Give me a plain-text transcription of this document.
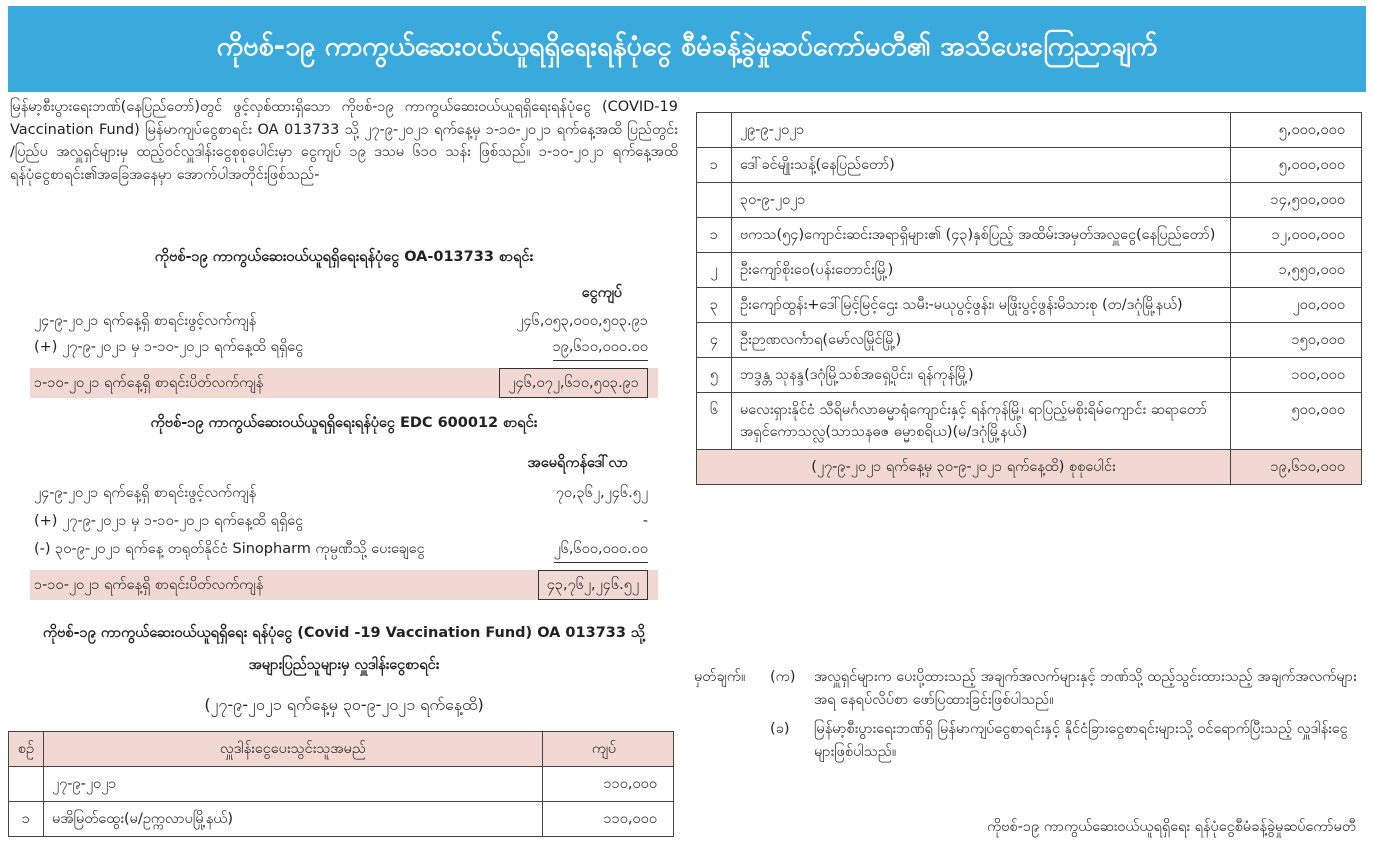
ကိုဗစ်-၁၉ ကာကွယ်ဆေးဝယ်ယူရရှိရေးရန်ပုံငွေ စီမံခန့်ခွဲမှုဆပ်ကော်မတီ၏ အသိပေးကြေညာချက်
မြန်မာ့စီးပွားရေးဘဏ်(နေပြည်တော်)တွင် ဖွင့်လှစ်ထားရှိသော ကိုဗစ်-၁၉ ကာကွယ်ဆေးဝယ်ယူရရှိရေးရန်ပုံငွေ (COVID-19 Vaccination Fund) မြန်မာကျပ်ငွေစာရင်း OA 013733 သို့ ၂၇-၉-၂၀၂၁ ရက်နေ့မှ ၁-၁၀-၂၀၂၁ ရက်နေ့အထိ ပြည်တွင်း /ပြည်ပ အလှူရှင်များမှ ထည့်ဝင်လှူဒါန်းငွေစုစုပေါင်းမှာ ငွေကျပ် ၁၉ ဒသမ ၆၁ဝ သန်း ဖြစ်သည်။ ၁-၁၀-၂၀၂၁ ရက်နေ့အထိ ရန်ပုံငွေစာရင်း၏အခြေအနေမှာ အောက်ပါအတိုင်းဖြစ်သည်-
ကိုဗစ်-၁၉ ကာကွယ်ဆေးဝယ်ယူရရှိရေးရန်ပုံငွေ OA-013733 စာရင်း
ငွေကျပ်
၂၄-၉-၂၀၂၁ ရက်နေ့ရှိ စာရင်းဖွင့်လက်ကျန်	၂၄၆,၀၅၃,၀၀၀,၅၀၃.၉၁
(+) ၂၇-၉-၂၀၂၁ မှ ၁-၁၀-၂၀၂၁ ရက်နေ့ထိ ရရှိငွေ	၁၉,၆၁၀,၀၀၀.၀၀
၁-၁၀-၂၀၂၁ ရက်နေ့ရှိ စာရင်းပိတ်လက်ကျန်	၂၄၆,၀၇၂,၆၁၀,၅၀၃.၉၁
ကိုဗစ်-၁၉ ကာကွယ်ဆေးဝယ်ယူရရှိရေးရန်ပုံငွေ EDC 600012 စာရင်း
အမေရိကန်ဒေါ်လာ
၂၄-၉-၂၀၂၁ ရက်နေ့ရှိ စာရင်းဖွင့်လက်ကျန်	၇၀,၃၆၂,၂၄၆.၅၂
(+) ၂၇-၉-၂၀၂၁ မှ ၁-၁၀-၂၀၂၁ ရက်နေ့ထိ ရရှိငွေ	-
(-) ၃၀-၉-၂၀၂၁ ရက်နေ့ တရုတ်နိုင်ငံ Sinopharm ကုမ္ပဏီသို့ ပေးချေငွေ	၂၆,၆၀၀,၀၀၀.၀၀
၁-၁၀-၂၀၂၁ ရက်နေ့ရှိ စာရင်းပိတ်လက်ကျန်	၄၃,၇၆၂,၂၄၆.၅၂
ကိုဗစ်-၁၉ ကာကွယ်ဆေးဝယ်ယူရရှိရေး ရန်ပုံငွေ (Covid -19 Vaccination Fund) OA 013733 သို့
အများပြည်သူများမှ လှူဒါန်းငွေစာရင်း
(၂၇-၉-၂၀၂၁ ရက်နေ့မှ ၃၀-၉-၂၀၂၁ ရက်နေ့ထိ)
စဉ်	လှူဒါန်းငွေပေးသွင်းသူအမည်	ကျပ်
	၂၇-၉-၂၀၂၁	၁၁၀,၀၀၀
၁	မအိမြတ်ထွေး(မ/ဥက္ကလာပမြို့နယ်)	၁၁၀,၀၀၀
	၂၉-၉-၂၀၂၁	၅,၀၀၀,၀၀၀
၁	ဒေါ်ခင်မျိုးသန့်(နေပြည်တော်)	၅,၀၀၀,၀၀၀
	၃၀-၉-၂၀၂၁	၁၄,၅၀၀,၀၀၀
၁	ဗကသ(၅၄)ကျောင်းဆင်းအရာရှိများ၏ (၄၃)နှစ်ပြည့် အထိမ်းအမှတ်အလှူငွေ(နေပြည်တော်)	၁၂,၀၀၀,၀၀၀
၂	ဦးကျော်စိုးဝေ(ပန်းတောင်းမြို့)	၁,၅၅၀,၀၀၀
၃	ဦးကျော်ထွန်း+ဒေါ်မြင့်မြင့်ဌေး သမီး-မယုပွင့်ဖွန်း၊ မဖြိုးပွင့်ဖွန်းမိသားစု (တ/ဒဂုံမြို့နယ်)	၂၀၀,၀၀၀
၄	ဦးဉာဏလင်္ကာရ(မော်လမြိုင်မြို့)	၁၅၀,၀၀၀
၅	ဘဒ္ဒန္တ သုနန္ဒ(ဒဂုံမြို့သစ်အရှေ့ပိုင်း၊ ရန်ကုန်မြို့)	၁၀၀,၀၀၀
၆	မလေးရှားနိုင်ငံ သီရိမင်္ဂလာဓမ္မာရုံကျောင်းနှင့် ရန်ကုန်မြို့၊ ရာပြည့်မစိုးရိမ်ကျောင်း ဆရာတော် အရှင်ကောသလ္လ(သာသနဓဇ ဓမ္မာစရိယ)(မ/ဒဂုံမြို့နယ်)	၅၀၀,၀၀၀
(၂၇-၉-၂၀၂၁ ရက်နေ့မှ ၃၀-၉-၂၀၂၁ ရက်နေ့ထိ) စုစုပေါင်း		၁၉,၆၁၀,၀၀၀
မှတ်ချက်။	(က)	အလှူရှင်များက ပေးပို့ထားသည့် အချက်အလက်များနှင့် ဘဏ်သို့ ထည့်သွင်းထားသည့် အချက်အလက်များအရ နေရပ်လိပ်စာ ဖော်ပြထားခြင်းဖြစ်ပါသည်။
(ခ)	မြန်မာ့စီးပွားရေးဘဏ်ရှိ မြန်မာကျပ်ငွေစာရင်းနှင့် နိုင်ငံခြားငွေစာရင်းများသို့ ဝင်ရောက်ပြီးသည့် လှူဒါန်းငွေများဖြစ်ပါသည်။
ကိုဗစ်-၁၉ ကာကွယ်ဆေးဝယ်ယူရရှိရေး ရန်ပုံငွေစီမံခန့်ခွဲမှုဆပ်ကော်မတီ
